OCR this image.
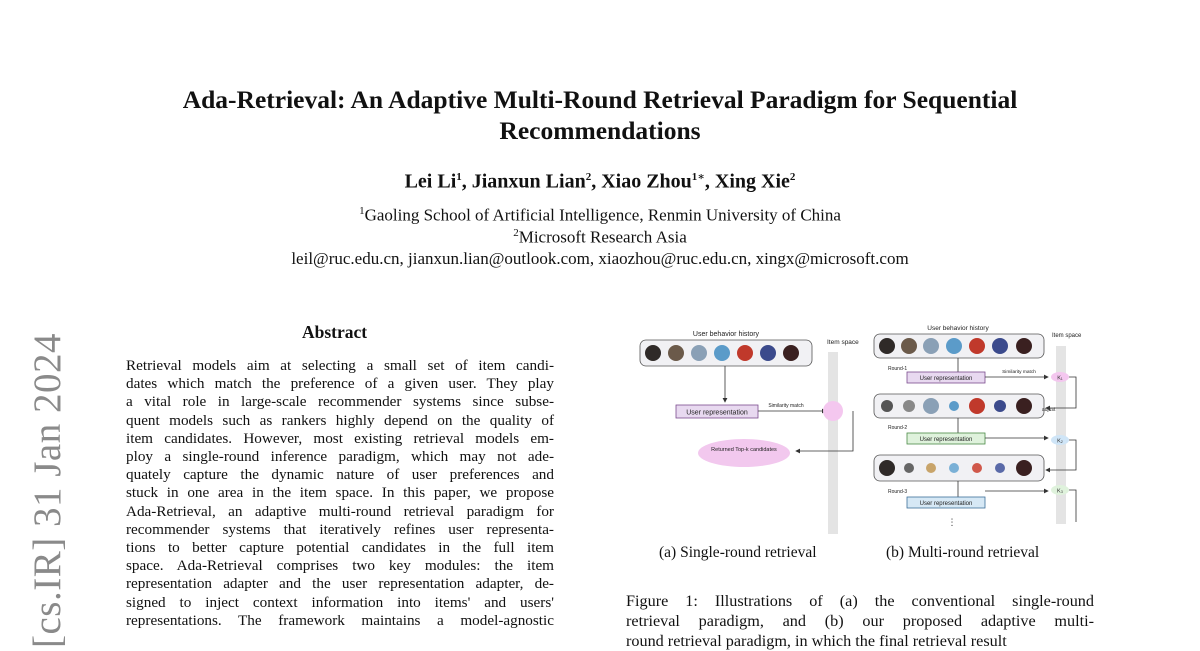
[cs.IR] 31 Jan 2024
Ada-Retrieval: An Adaptive Multi-Round Retrieval Paradigm for Sequential
Recommendations
Lei Li$^1$, Jianxun Lian$^2$, Xiao Zhou$^{1∗}$, Xing Xie$^2$
$^1$Gaoling School of Artificial Intelligence, Renmin University of China
$^2$Microsoft Research Asia
leil@ruc.edu.cn, jianxun.lian@outlook.com, xiaozhou@ruc.edu.cn, xingx@microsoft.com
Abstract
Retrieval models aim at selecting a small set of item candi-
dates which match the preference of a given user. They play
a vital role in large-scale recommender systems since subse-
quent models such as rankers highly depend on the quality of
item candidates. However, most existing retrieval models em-
ploy a single-round inference paradigm, which may not ade-
quately capture the dynamic nature of user preferences and
stuck in one area in the item space. In this paper, we propose
Ada-Retrieval, an adaptive multi-round retrieval paradigm for
recommender systems that iteratively refines user representa-
tions to better capture potential candidates in the full item
space. Ada-Retrieval comprises two key modules: the item
representation adapter and the user representation adapter, de-
signed to inject context information into items' and users'
representations. The framework maintains a model-agnostic
User behavior history
User representation
Similarity match
Item space
Returned Top-k candidates
User behavior history
Item space
Round-1
User representation
Similarity match
K₁
adjust
Round-2
User representation	K₂
Round-3
User representation
K₃
⋮
(a) Single-round retrieval	(b) Multi-round retrieval
Figure 1: Illustrations of (a) the conventional single-round
retrieval paradigm, and (b) our proposed adaptive multi-
round retrieval paradigm, in which the final retrieval result
